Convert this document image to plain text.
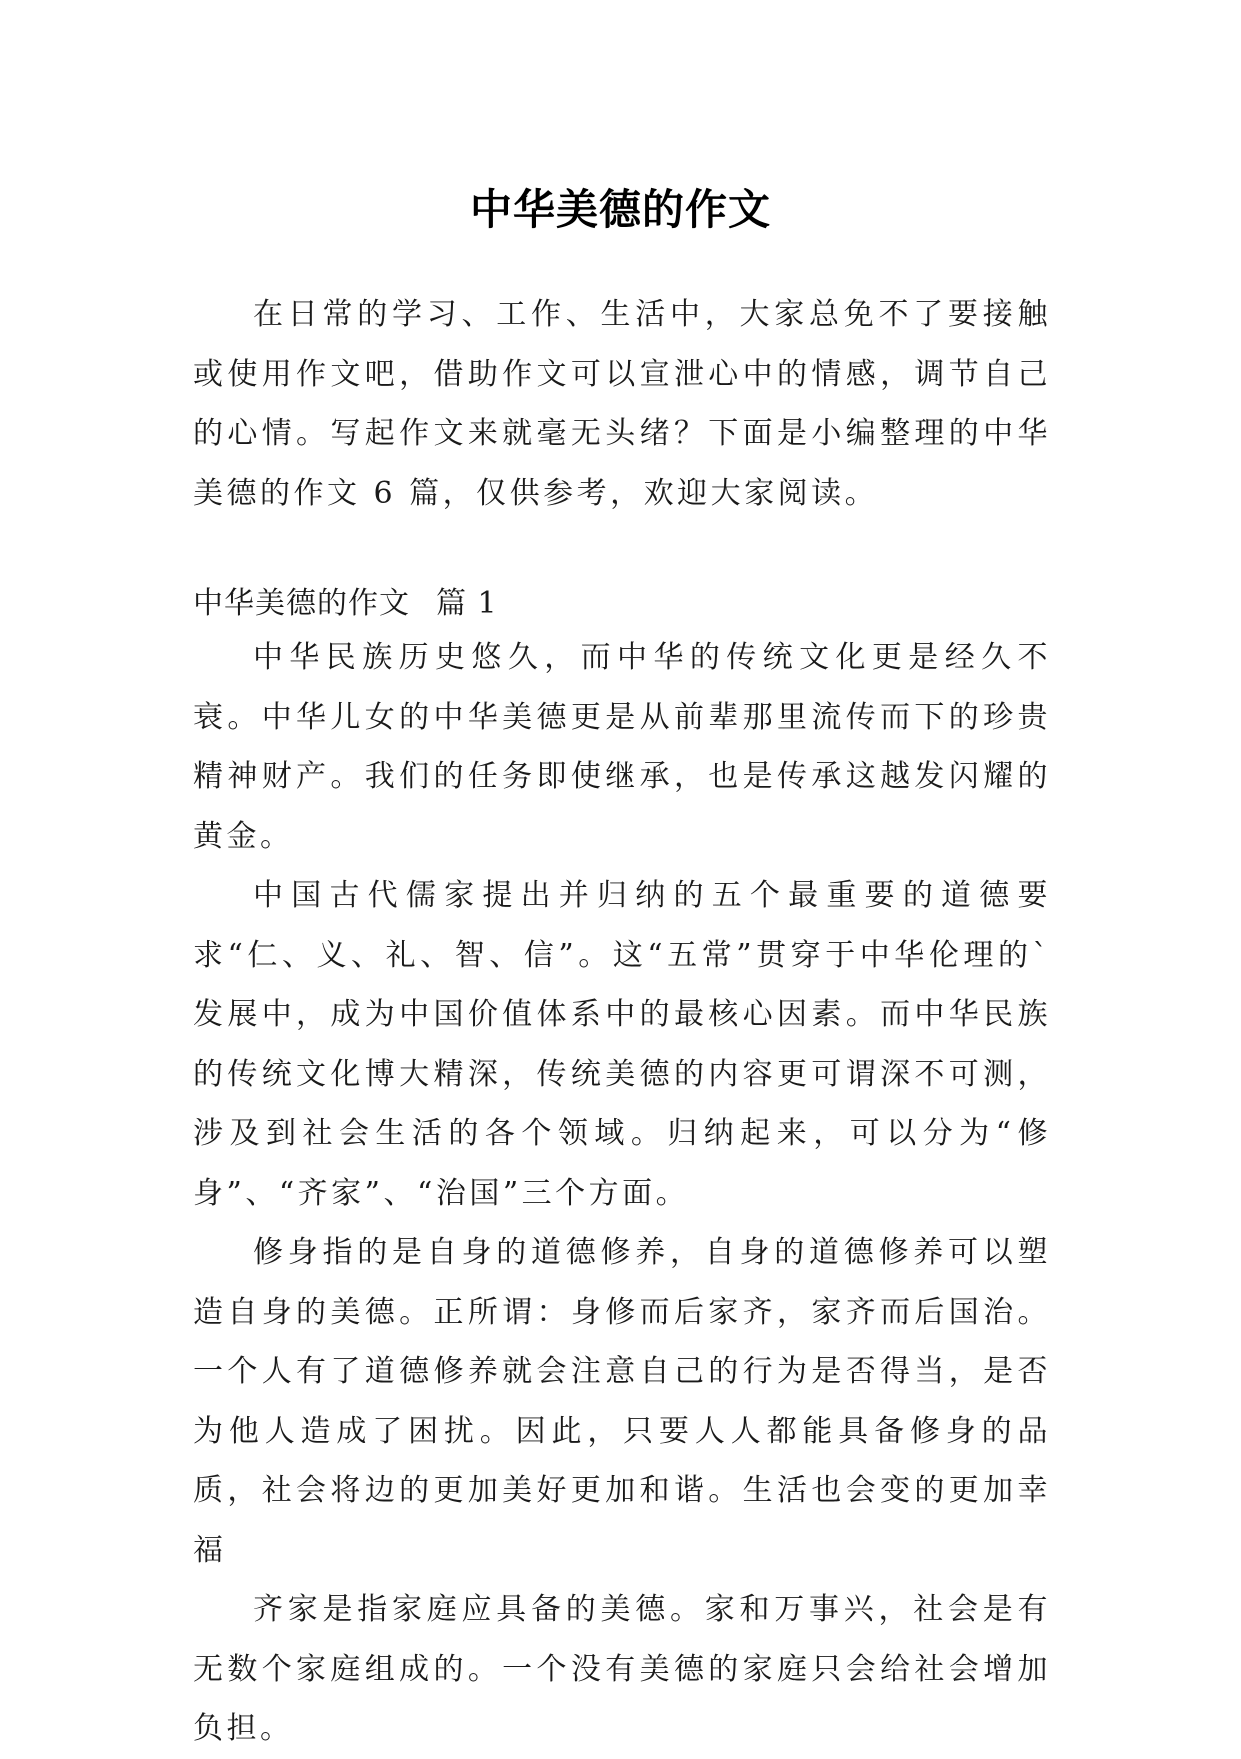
中华美德的作文

在日常的学习、工作、生活中，大家总免不了要接触或使用作文吧，借助作文可以宣泄心中的情感，调节自己的心情。写起作文来就毫无头绪？下面是小编整理的中华美德的作文 6 篇，仅供参考，欢迎大家阅读。

中华美德的作文 篇 1

中华民族历史悠久，而中华的传统文化更是经久不衰。中华儿女的中华美德更是从前辈那里流传而下的珍贵精神财产。我们的任务即使继承，也是传承这越发闪耀的黄金。

中国古代儒家提出并归纳的五个最重要的道德要求“仁、义、礼、智、信”。这“五常”贯穿于中华伦理的`发展中，成为中国价值体系中的最核心因素。而中华民族的传统文化博大精深，传统美德的内容更可谓深不可测，涉及到社会生活的各个领域。归纳起来，可以分为“修身”、“齐家”、“治国”三个方面。

修身指的是自身的道德修养，自身的道德修养可以塑造自身的美德。正所谓：身修而后家齐，家齐而后国治。一个人有了道德修养就会注意自己的行为是否得当，是否为他人造成了困扰。因此，只要人人都能具备修身的品质，社会将边的更加美好更加和谐。生活也会变的更加幸福

齐家是指家庭应具备的美德。家和万事兴，社会是有无数个家庭组成的。一个没有美德的家庭只会给社会增加负担。
